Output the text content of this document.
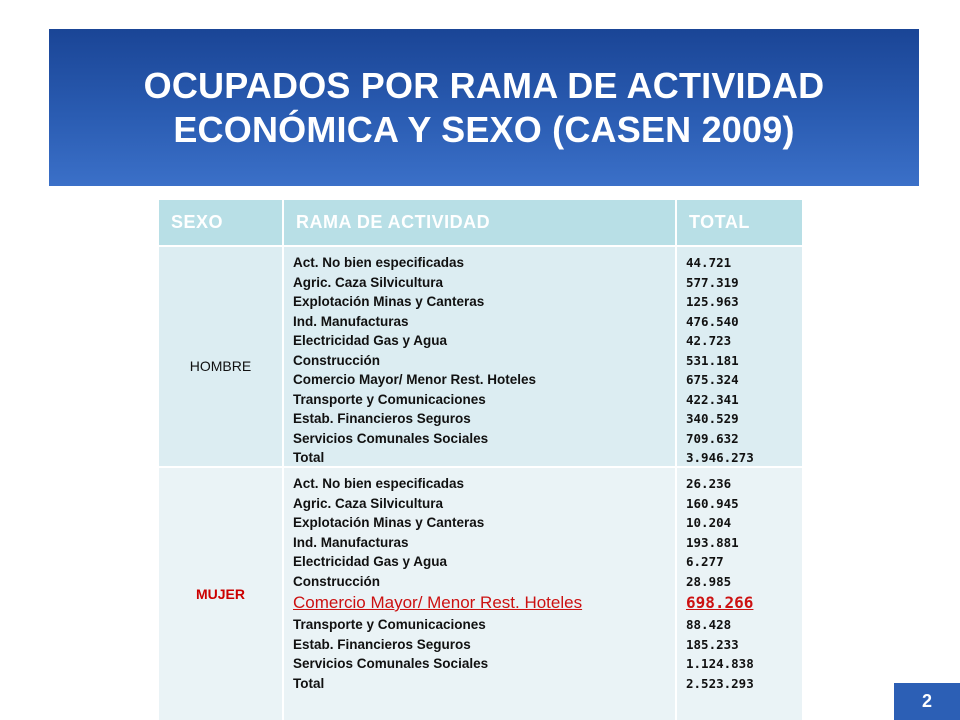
OCUPADOS POR RAMA DE ACTIVIDAD
ECONÓMICA Y SEXO (CASEN 2009)
SEXO	RAMA DE ACTIVIDAD	TOTAL
HOMBRE
Act. No bien especificadas
Agric. Caza Silvicultura
Explotación Minas y Canteras
Ind. Manufacturas
Electricidad Gas y Agua
Construcción
Comercio Mayor/ Menor Rest. Hoteles
Transporte y Comunicaciones
Estab. Financieros Seguros
Servicios Comunales Sociales
Total
44.721
577.319
125.963
476.540
42.723
531.181
675.324
422.341
340.529
709.632
3.946.273
MUJER
Act. No bien especificadas
Agric. Caza Silvicultura
Explotación Minas y Canteras
Ind. Manufacturas
Electricidad Gas y Agua
Construcción
Comercio Mayor/ Menor Rest. Hoteles
Transporte y Comunicaciones
Estab. Financieros Seguros
Servicios Comunales Sociales
Total
26.236
160.945
10.204
193.881
6.277
28.985
698.266
88.428
185.233
1.124.838
2.523.293
2
